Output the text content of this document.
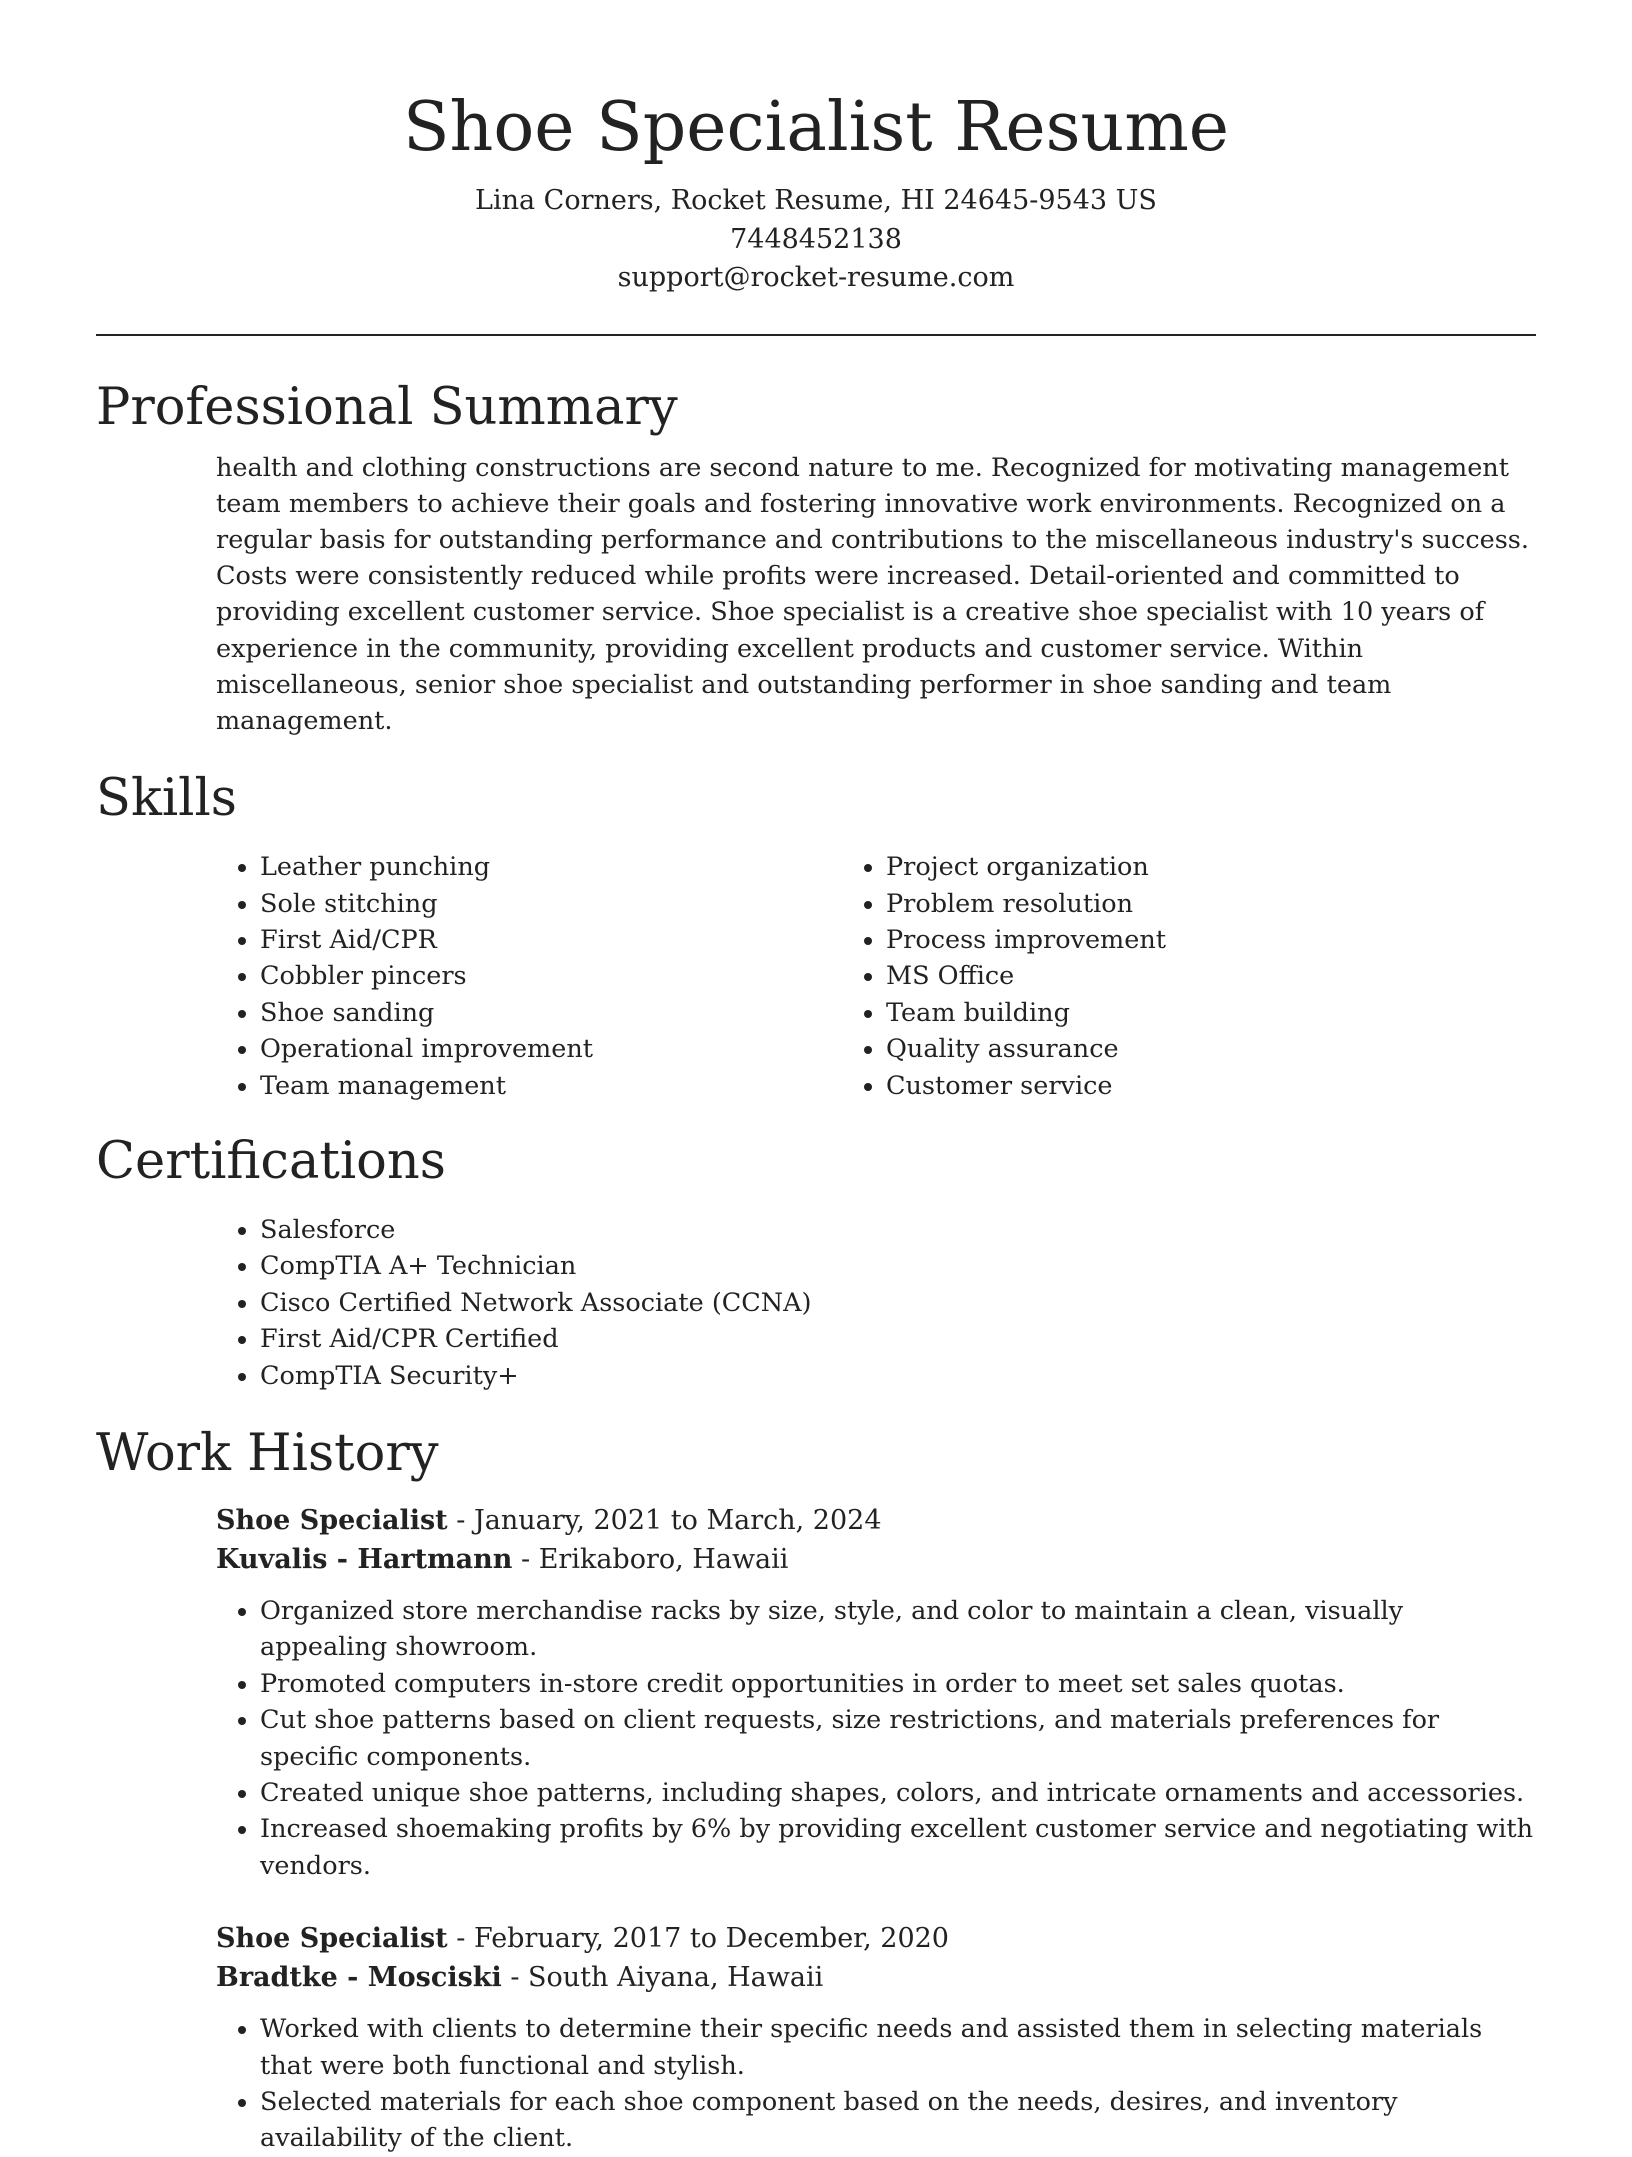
Shoe Specialist Resume
Lina Corners, Rocket Resume, HI 24645-9543 US
7448452138
support@rocket-resume.com
Professional Summary

health and clothing constructions are second nature to me. Recognized for motivating management team members to achieve their goals and fostering innovative work environments. Recognized on a regular basis for outstanding performance and contributions to the miscellaneous industry's success. Costs were consistently reduced while profits were increased. Detail-oriented and committed to providing excellent customer service. Shoe specialist is a creative shoe specialist with 10 years of experience in the community, providing excellent products and customer service. Within miscellaneous, senior shoe specialist and outstanding performer in shoe sanding and team management.

Skills
• Leather punching
• Sole stitching
• First Aid/CPR
• Cobbler pincers
• Shoe sanding
• Operational improvement
• Team management
• Project organization
• Problem resolution
• Process improvement
• MS Office
• Team building
• Quality assurance
• Customer service
Certifications
• Salesforce
• CompTIA A+ Technician
• Cisco Certified Network Associate (CCNA)
• First Aid/CPR Certified
• CompTIA Security+
Work History
Shoe Specialist - January, 2021 to March, 2024
Kuvalis - Hartmann - Erikaboro, Hawaii
• Organized store merchandise racks by size, style, and color to maintain a clean, visually appealing showroom.
• Promoted computers in-store credit opportunities in order to meet set sales quotas.
• Cut shoe patterns based on client requests, size restrictions, and materials preferences for specific components.
• Created unique shoe patterns, including shapes, colors, and intricate ornaments and accessories.
• Increased shoemaking profits by 6% by providing excellent customer service and negotiating with vendors.
Shoe Specialist - February, 2017 to December, 2020
Bradtke - Mosciski - South Aiyana, Hawaii
• Worked with clients to determine their specific needs and assisted them in selecting materials that were both functional and stylish.
• Selected materials for each shoe component based on the needs, desires, and inventory availability of the client.
